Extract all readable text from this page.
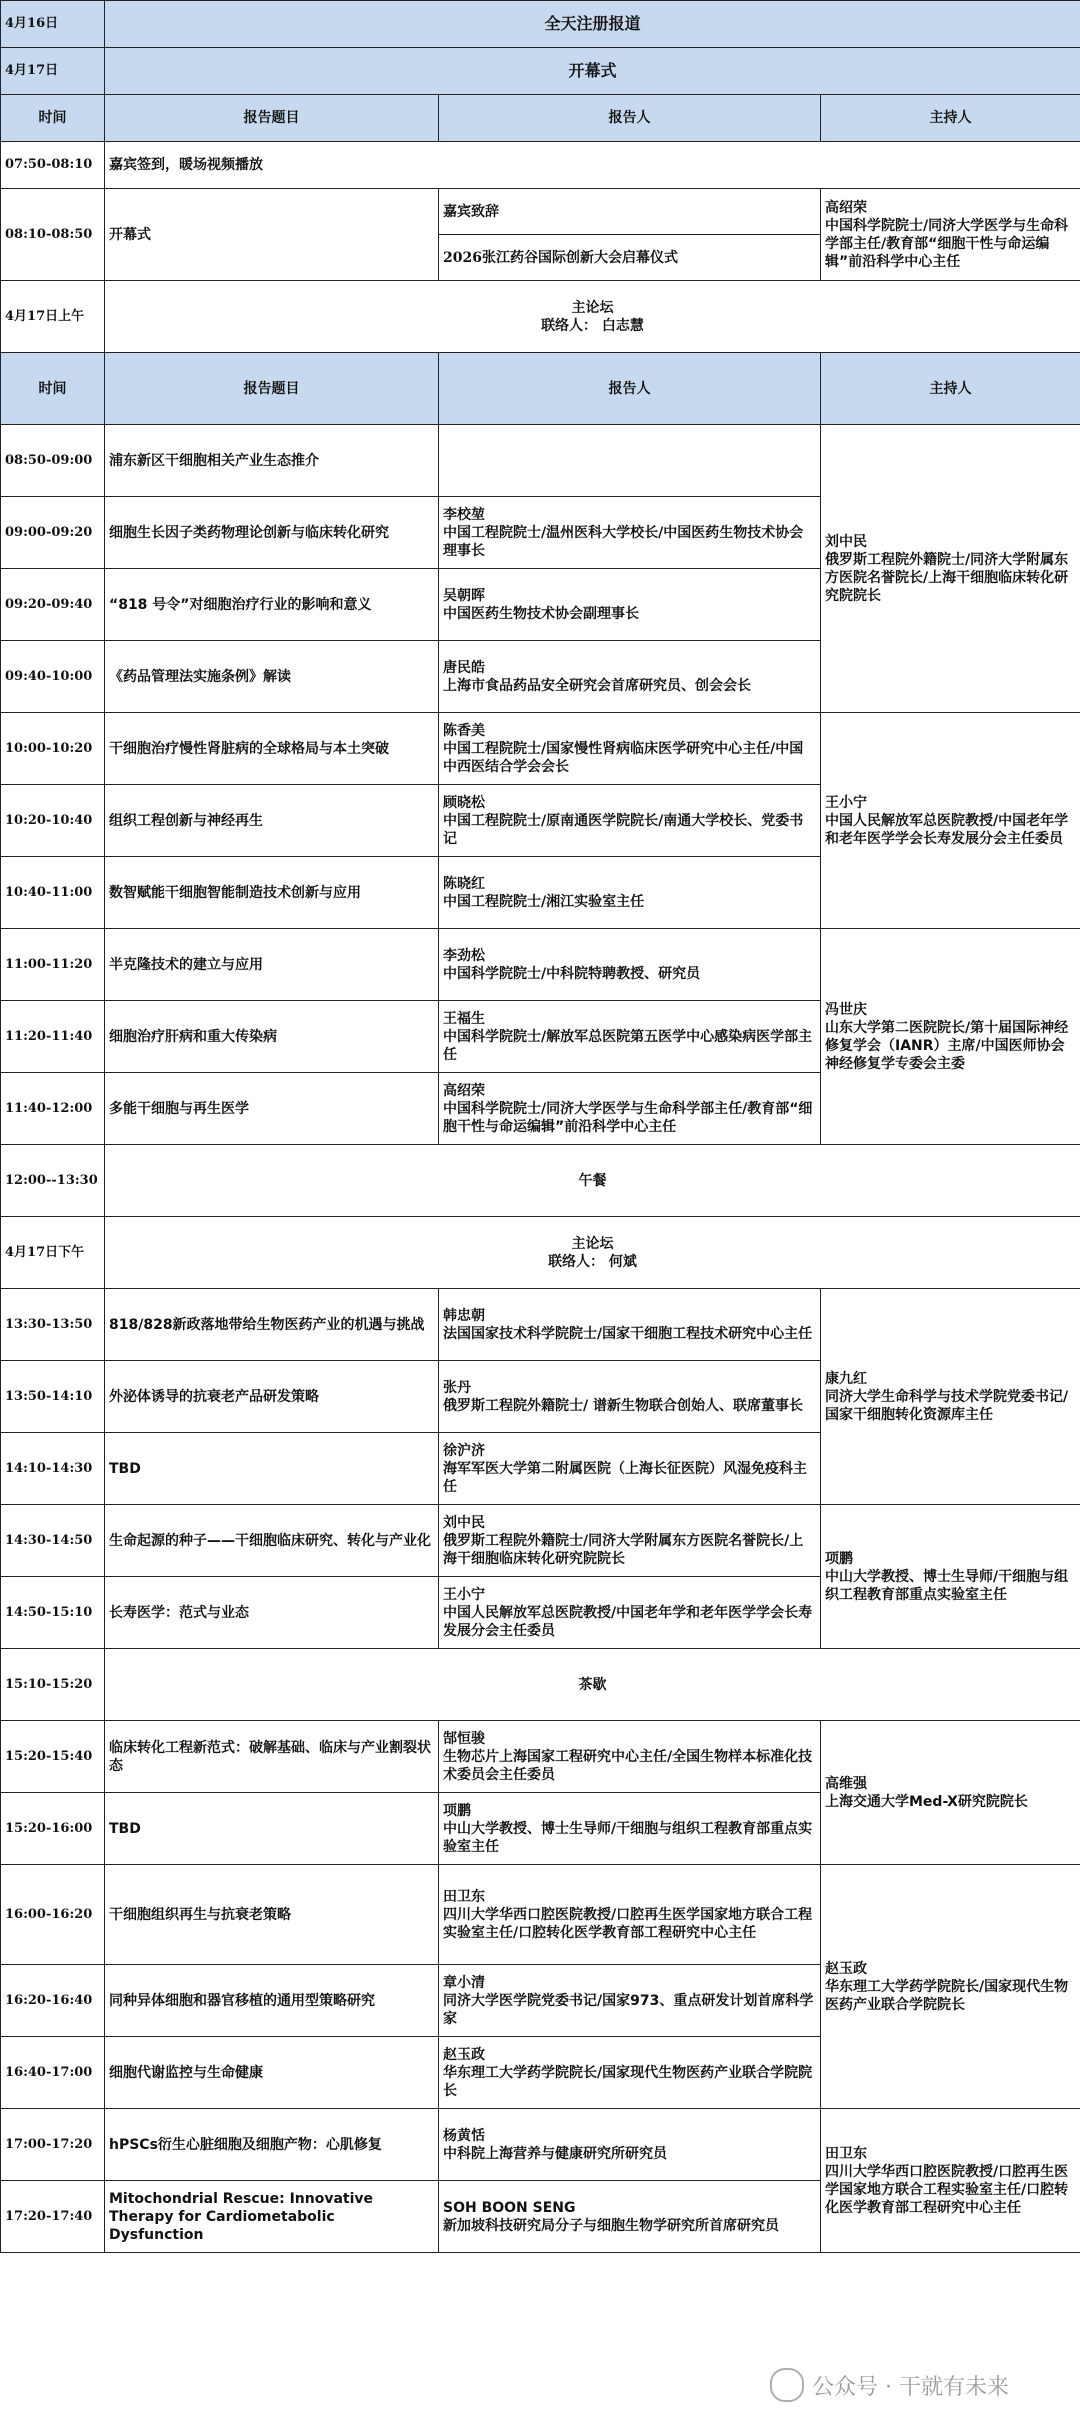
4月16日	全天注册报道		
4月17日	开幕式		
时间	报告题目	报告人	主持人
07:50-08:10	嘉宾签到，暖场视频播放		
08:10-08:50	开幕式	嘉宾致辞	高绍荣
中国科学院院士/同济大学医学与生命科学部主任/教育部“细胞干性与命运编辑”前沿科学中心主任

		2026张江药谷国际创新大会启幕仪式	
4月17日上午	主论坛
联络人： 白志慧		

时间	报告题目	报告人	主持人
08:50-09:00	浦东新区干细胞相关产业生态推介		刘中民
俄罗斯工程院外籍院士/同济大学附属东方医院名誉院长/上海干细胞临床转化研究院院长

09:00-09:20	细胞生长因子类药物理论创新与临床转化研究	李校堃
中国工程院院士/温州医科大学校长/中国医药生物技术协会理事长	

09:20-09:40	“818 号令”对细胞治疗行业的影响和意义	吴朝晖
中国医药生物技术协会副理事长	

09:40-10:00	《药品管理法实施条例》解读	唐民皓
上海市食品药品安全研究会首席研究员、创会会长	

10:00-10:20	干细胞治疗慢性肾脏病的全球格局与本土突破	陈香美
中国工程院院士/国家慢性肾病临床医学研究中心主任/中国中西医结合学会会长	王小宁
中国人民解放军总医院教授/中国老年学和老年医学学会长寿发展分会主任委员

10:20-10:40	组织工程创新与神经再生	顾晓松
中国工程院院士/原南通医学院院长/南通大学校长、党委书记	

10:40-11:00	数智赋能干细胞智能制造技术创新与应用	陈晓红
中国工程院院士/湘江实验室主任	

11:00-11:20	半克隆技术的建立与应用	李劲松
中国科学院院士/中科院特聘教授、研究员	冯世庆
山东大学第二医院院长/第十届国际神经修复学会（IANR）主席/中国医师协会神经修复学专委会主委

11:20-11:40	细胞治疗肝病和重大传染病	王福生
中国科学院院士/解放军总医院第五医学中心感染病医学部主任	

11:40-12:00	多能干细胞与再生医学	高绍荣
中国科学院院士/同济大学医学与生命科学部主任/教育部“细胞干性与命运编辑”前沿科学中心主任	

12:00--13:30	午餐		
4月17日下午	主论坛
联络人： 何斌		

13:30-13:50	818/828新政落地带给生物医药产业的机遇与挑战	韩忠朝
法国国家技术科学院院士/国家干细胞工程技术研究中心主任	康九红
同济大学生命科学与技术学院党委书记/国家干细胞转化资源库主任

13:50-14:10	外泌体诱导的抗衰老产品研发策略	张丹
俄罗斯工程院外籍院士/ 谱新生物联合创始人、联席董事长	

14:10-14:30	TBD	徐沪济
海军军医大学第二附属医院（上海长征医院）风湿免疫科主任	

14:30-14:50	生命起源的种子——干细胞临床研究、转化与产业化	刘中民
俄罗斯工程院外籍院士/同济大学附属东方医院名誉院长/上海干细胞临床转化研究院院长	项鹏
中山大学教授、博士生导师/干细胞与组织工程教育部重点实验室主任

14:50-15:10	长寿医学：范式与业态	王小宁
中国人民解放军总医院教授/中国老年学和老年医学学会长寿发展分会主任委员	

15:10-15:20	茶歇		
15:20-15:40	临床转化工程新范式：破解基础、临床与产业割裂状态	郜恒骏
生物芯片上海国家工程研究中心主任/全国生物样本标准化技术委员会主任委员	高维强
上海交通大学Med-X研究院院长

15:20-16:00	TBD	项鹏
中山大学教授、博士生导师/干细胞与组织工程教育部重点实验室主任	

16:00-16:20	干细胞组织再生与抗衰老策略	田卫东
四川大学华西口腔医院教授/口腔再生医学国家地方联合工程实验室主任/口腔转化医学教育部工程研究中心主任	赵玉政
华东理工大学药学院院长/国家现代生物医药产业联合学院院长

16:20-16:40	同种异体细胞和器官移植的通用型策略研究	章小清
同济大学医学院党委书记/国家973、重点研发计划首席科学家	

16:40-17:00	细胞代谢监控与生命健康	赵玉政
华东理工大学药学院院长/国家现代生物医药产业联合学院院长	

17:00-17:20	hPSCs衍生心脏细胞及细胞产物：心肌修复	杨黄恬
中科院上海营养与健康研究所研究员	田卫东
四川大学华西口腔医院教授/口腔再生医学国家地方联合工程实验室主任/口腔转化医学教育部工程研究中心主任

17:20-17:40	Mitochondrial Rescue: Innovative Therapy for Cardiometabolic Dysfunction	SOH BOON SENG
新加坡科技研究局分子与细胞生物学研究所首席研究员	
公众号 · 干就有未来
